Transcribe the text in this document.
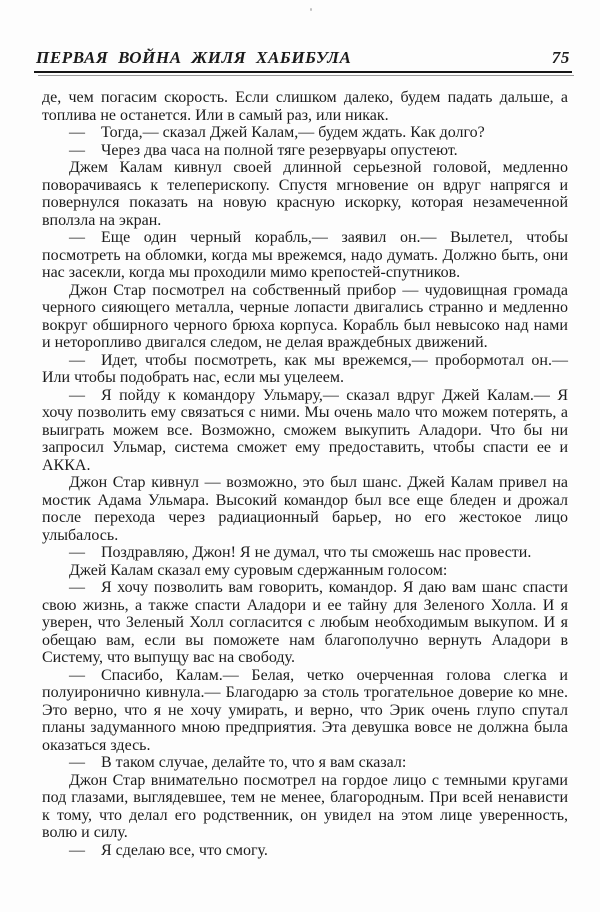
ПЕРВАЯ ВОЙНА ЖИЛЯ ХАБИБУЛА	75

де, чем погасим скорость. Если слишком далеко, будем падать дальше, а топлива не останется. Или в самый раз, или никак.

— Тогда,— сказал Джей Калам,— будем ждать. Как долго?

— Через два часа на полной тяге резервуары опустеют.

Джем Калам кивнул своей длинной серьезной головой, медленно поворачиваясь к телеперископу. Спустя мгновение он вдруг напрягся и повернулся показать на новую красную искорку, которая незамеченной вползла на экран.

— Еще один черный корабль,— заявил он.— Вылетел, чтобы посмотреть на обломки, когда мы врежемся, надо думать. Должно быть, они нас засекли, когда мы проходили мимо крепостей-спутников.

Джон Стар посмотрел на собственный прибор — чудовищная громада черного сияющего металла, черные лопасти двигались странно и медленно вокруг обширного черного брюха корпуса. Корабль был невысоко над нами и неторопливо двигался следом, не делая враждебных движений.

— Идет, чтобы посмотреть, как мы врежемся,— пробормотал он.— Или чтобы подобрать нас, если мы уцелеем.

— Я пойду к командору Ульмару,— сказал вдруг Джей Калам.— Я хочу позволить ему связаться с ними. Мы очень мало что можем потерять, а выиграть можем все. Возможно, сможем выкупить Аладори. Что бы ни запросил Ульмар, система сможет ему предоставить, чтобы спасти ее и АККА.

Джон Стар кивнул — возможно, это был шанс. Джей Калам привел на мостик Адама Ульмара. Высокий командор был все еще бледен и дрожал после перехода через радиационный барьер, но его жестокое лицо улыбалось.

— Поздравляю, Джон! Я не думал, что ты сможешь нас провести.

Джей Калам сказал ему суровым сдержанным голосом:

— Я хочу позволить вам говорить, командор. Я даю вам шанс спасти свою жизнь, а также спасти Аладори и ее тайну для Зеленого Холла. И я уверен, что Зеленый Холл согласится с любым необходимым выкупом. И я обещаю вам, если вы поможете нам благополучно вернуть Аладори в Систему, что выпущу вас на свободу.

— Спасибо, Калам.— Белая, четко очерченная голова слегка и полуиронично кивнула.— Благодарю за столь трогательное доверие ко мне. Это верно, что я не хочу умирать, и верно, что Эрик очень глупо спутал планы задуманного мною предприятия. Эта девушка вовсе не должна была оказаться здесь.

— В таком случае, делайте то, что я вам сказал:

Джон Стар внимательно посмотрел на гордое лицо с темными кругами под глазами, выглядевшее, тем не менее, благородным. При всей ненависти к тому, что делал его родственник, он увидел на этом лице уверенность, волю и силу.

— Я сделаю все, что смогу.
